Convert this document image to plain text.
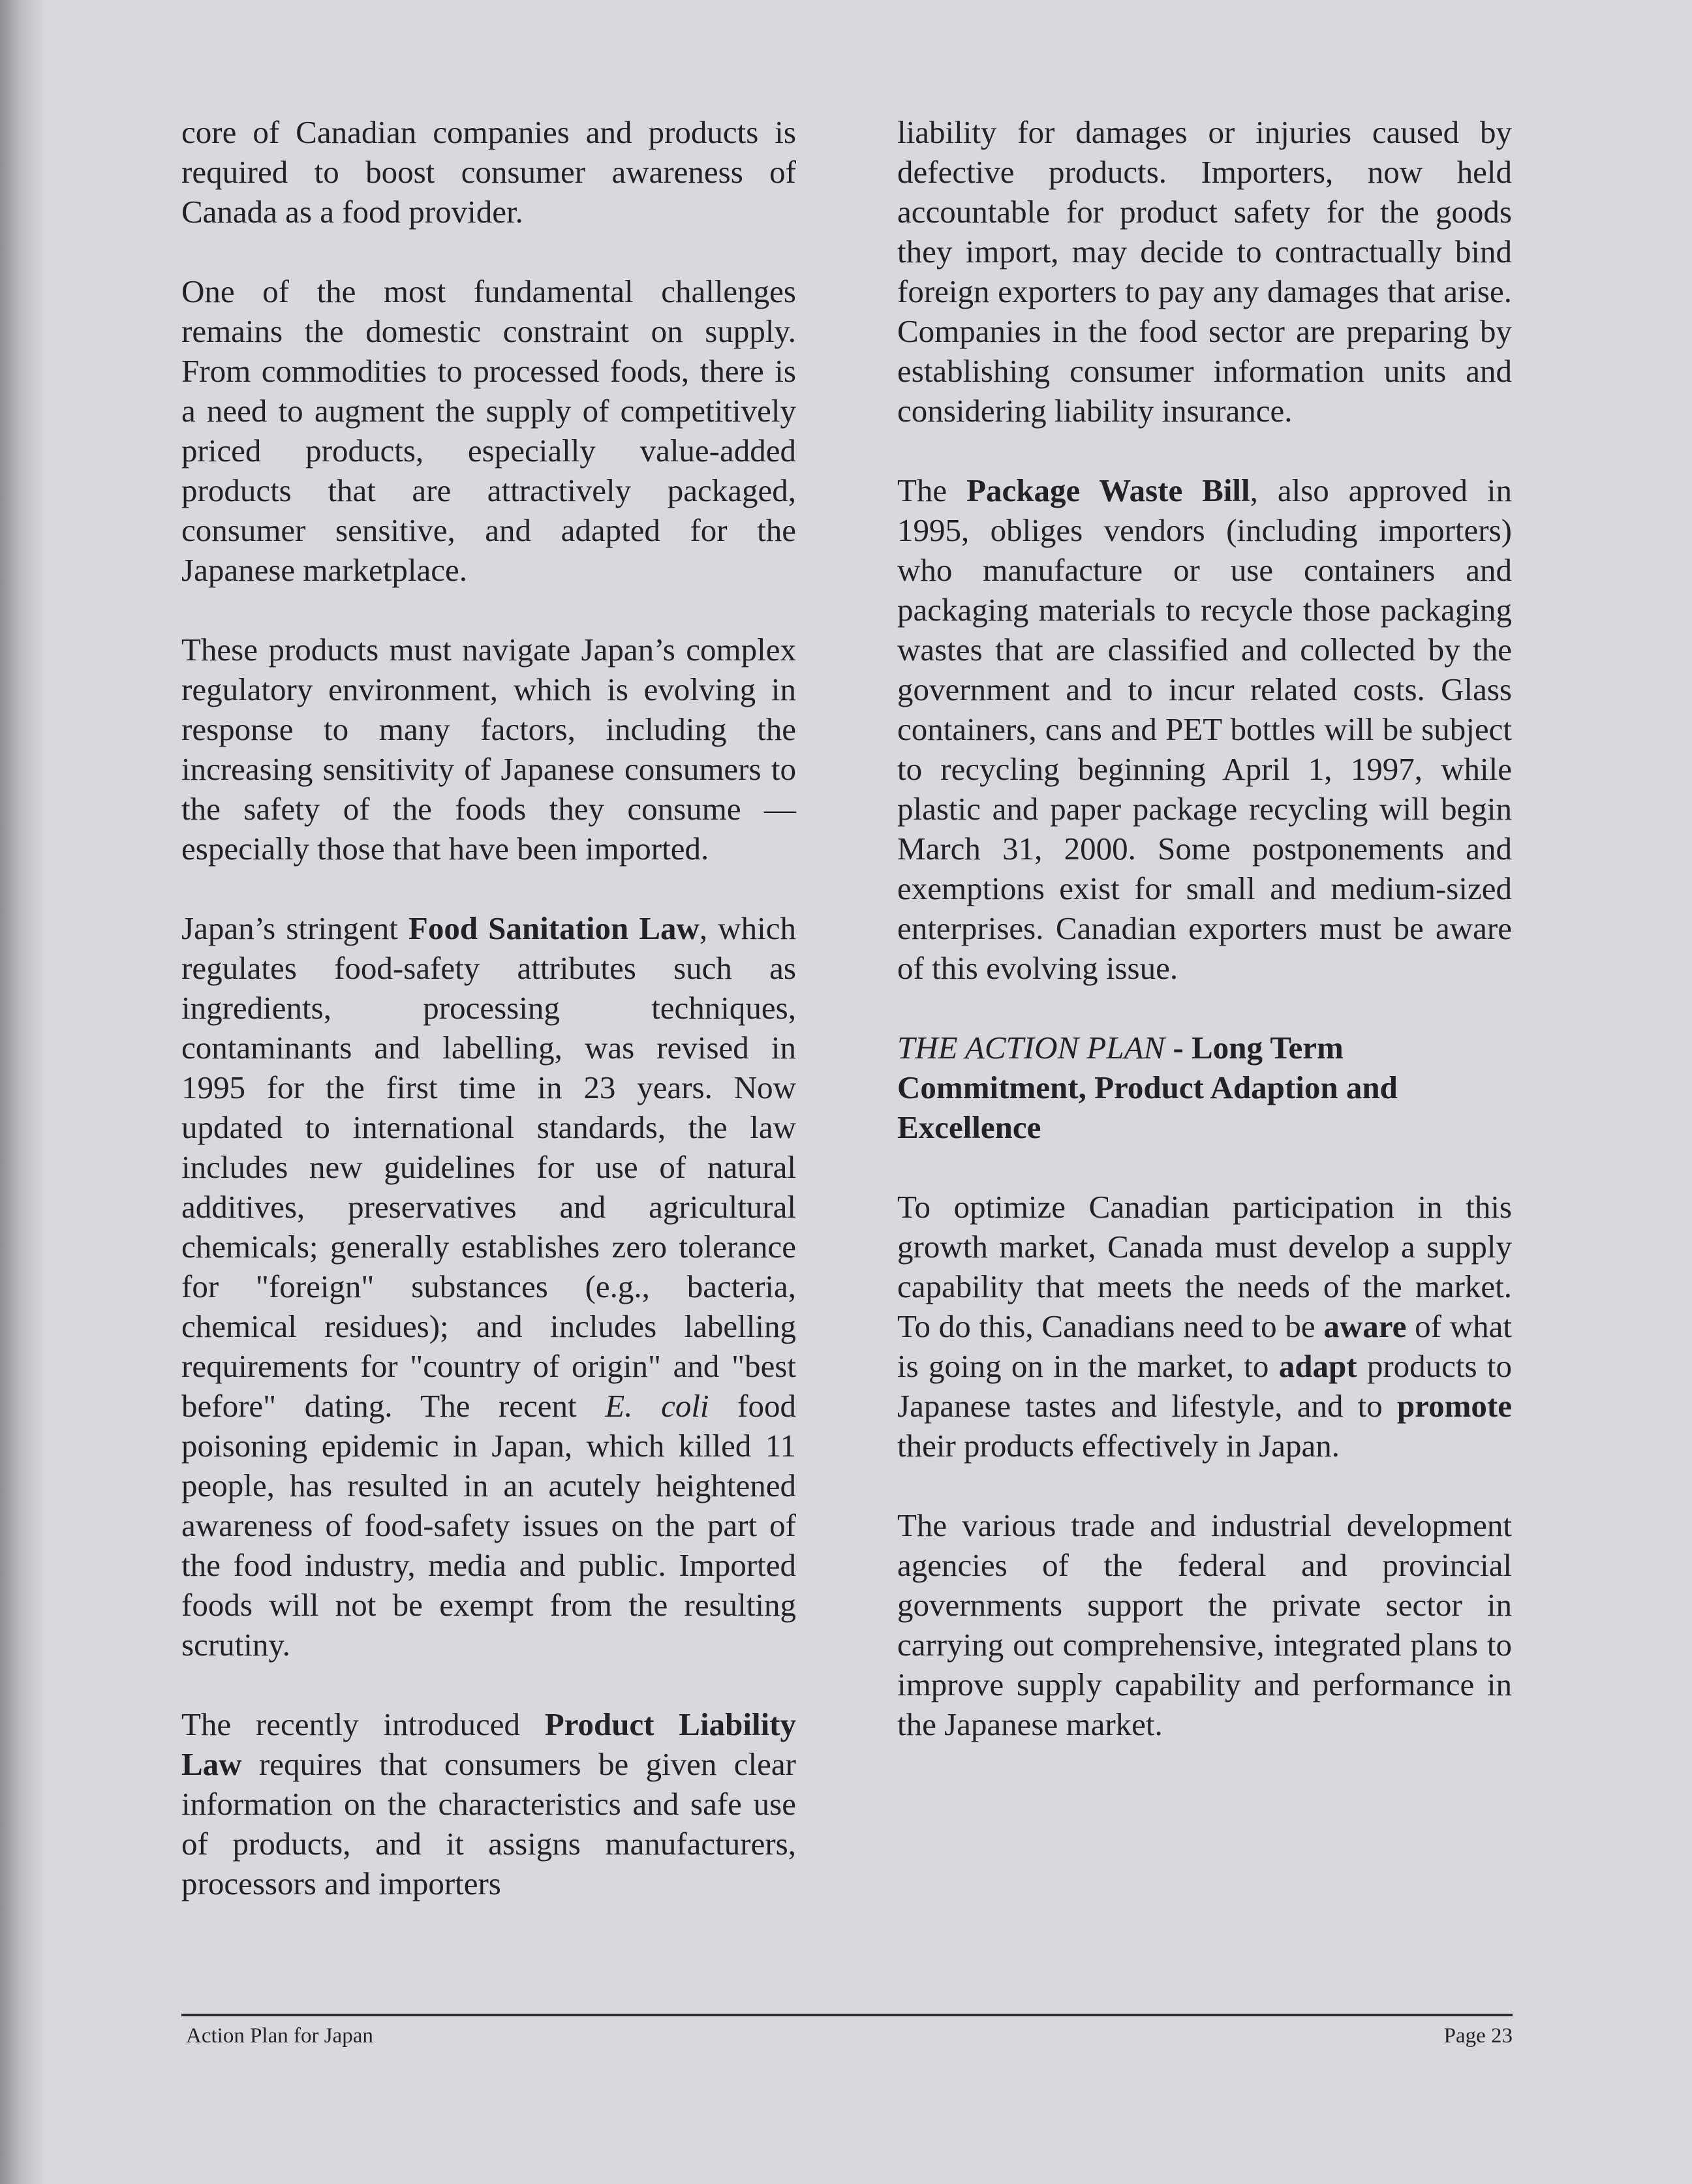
core of Canadian companies and products is required to boost consumer awareness of Canada as a food provider.

One of the most fundamental challenges remains the domestic constraint on supply. From commodities to processed foods, there is a need to augment the supply of competitively priced products, especially value-added products that are attractively packaged, consumer sensitive, and adapted for the Japanese marketplace.

These products must navigate Japan’s complex regulatory environment, which is evolving in response to many factors, including the increasing sensitivity of Japanese consumers to the safety of the foods they consume — especially those that have been imported.

Japan’s stringent Food Sanitation Law, which regulates food-safety attributes such as ingredients, processing techniques, contaminants and labelling, was revised in 1995 for the first time in 23 years. Now updated to international standards, the law includes new guidelines for use of natural additives, preservatives and agricultural chemicals; generally establishes zero tolerance for "foreign" substances (e.g., bacteria, chemical residues); and includes labelling requirements for "country of origin" and "best before" dating. The recent E. coli food poisoning epidemic in Japan, which killed 11 people, has resulted in an acutely heightened awareness of food-safety issues on the part of the food industry, media and public. Imported foods will not be exempt from the resulting scrutiny.

The recently introduced Product Liability Law requires that consumers be given clear information on the characteristics and safe use of products, and it assigns manufacturers, processors and importers

liability for damages or injuries caused by defective products. Importers, now held accountable for product safety for the goods they import, may decide to contractually bind foreign exporters to pay any damages that arise. Companies in the food sector are preparing by establishing consumer information units and considering liability insurance.

The Package Waste Bill, also approved in 1995, obliges vendors (including importers) who manufacture or use containers and packaging materials to recycle those packaging wastes that are classified and collected by the government and to incur related costs. Glass containers, cans and PET bottles will be subject to recycling beginning April 1, 1997, while plastic and paper package recycling will begin March 31, 2000. Some postponements and exemptions exist for small and medium-sized enterprises. Canadian exporters must be aware of this evolving issue.

THE ACTION PLAN - Long Term Commitment, Product Adaption and Excellence

To optimize Canadian participation in this growth market, Canada must develop a supply capability that meets the needs of the market. To do this, Canadians need to be aware of what is going on in the market, to adapt products to Japanese tastes and lifestyle, and to promote their products effectively in Japan.

The various trade and industrial development agencies of the federal and provincial governments support the private sector in carrying out comprehensive, integrated plans to improve supply capability and performance in the Japanese market.

Action Plan for Japan	Page 23
